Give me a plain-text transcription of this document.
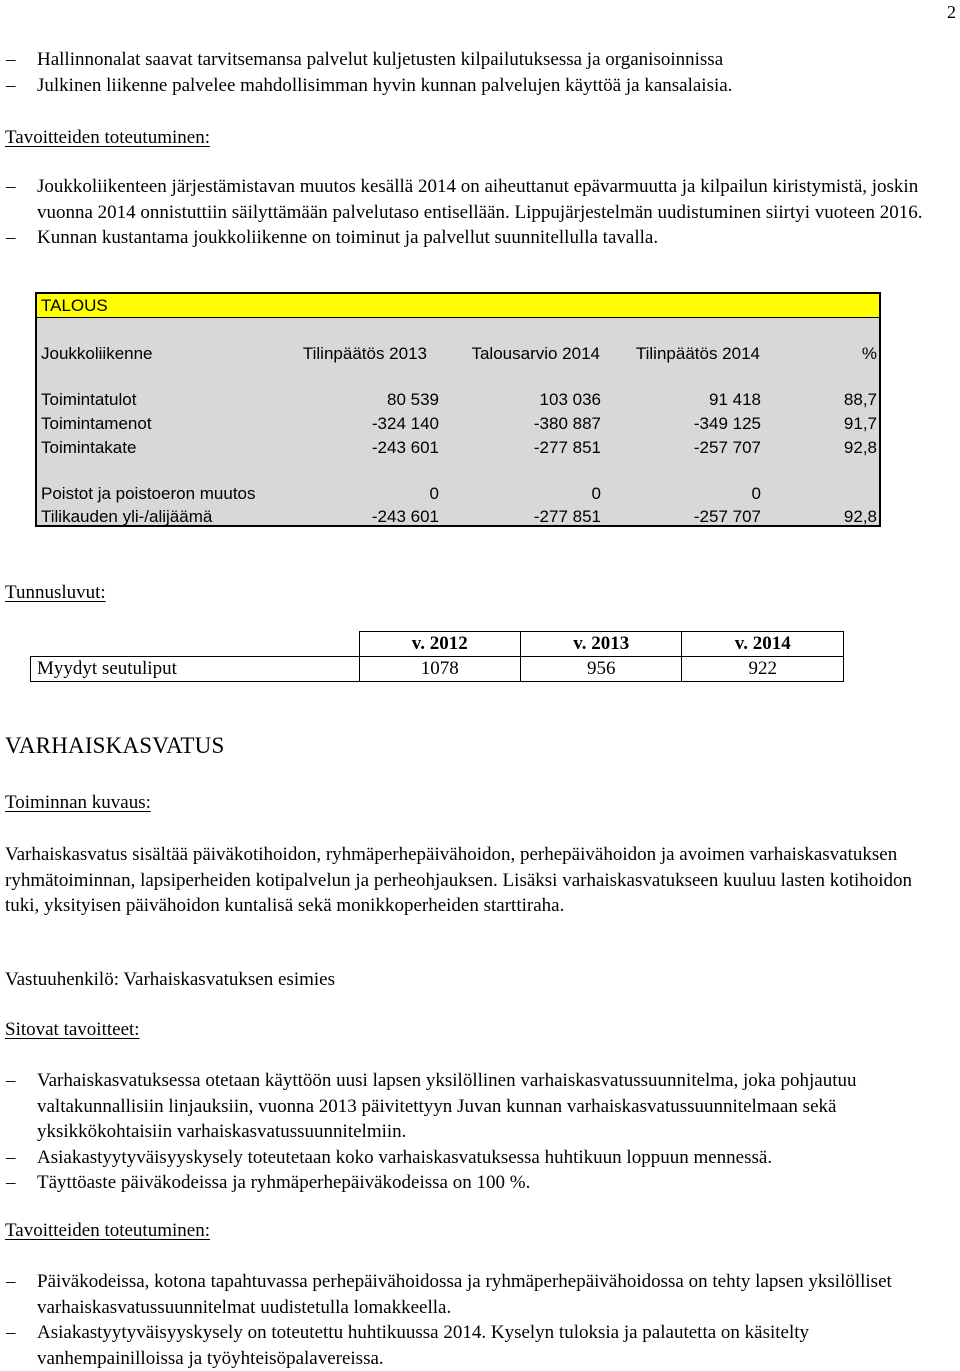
2
– Hallinnonalat saavat tarvitsemansa palvelut kuljetusten kilpailutuksessa ja organisoinnissa
– Julkinen liikenne palvelee mahdollisimman hyvin kunnan palvelujen käyttöä ja kansalaisia.
Tavoitteiden toteutuminen:
– Joukkoliikenteen järjestämistavan muutos kesällä 2014 on aiheuttanut epävarmuutta ja kilpailun kiristymistä, joskin vuonna 2014 onnistuttiin säilyttämään palvelutaso entisellään. Lippujärjestelmän uudistuminen siirtyi vuoteen 2016.
– Kunnan kustantama joukkoliikenne on toiminut ja palvellut suunnitellulla tavalla.
TALOUS
Joukkoliikenne	Tilinpäätös 2013	Talousarvio 2014 Tilinpäätös 2014	%
Toimintatulot	80 539	103 036	91 418	88,7
Toimintamenot	-324 140	-380 887	-349 125	91,7
Toimintakate	-243 601	-277 851	-257 707	92,8
Poistot ja poistoeron muutos	0	0	0
Tilikauden yli-/alijäämä	-243 601	-277 851	-257 707	92,8
Tunnusluvut:
	v. 2012	v. 2013	v. 2014
Myydyt seutuliput	1078	956	922
VARHAISKASVATUS
Toiminnan kuvaus:
Varhaiskasvatus sisältää päiväkotihoidon, ryhmäperhepäivähoidon, perhepäivähoidon ja avoimen varhaiskasvatuksen ryhmätoiminnan, lapsiperheiden kotipalvelun ja perheohjauksen. Lisäksi varhaiskasvatukseen kuuluu lasten kotihoidon tuki, yksityisen päivähoidon kuntalisä sekä monikkoperheiden starttiraha.
Vastuuhenkilö: Varhaiskasvatuksen esimies
Sitovat tavoitteet:
– Varhaiskasvatuksessa otetaan käyttöön uusi lapsen yksilöllinen varhaiskasvatussuunnitelma, joka pohjautuu valtakunnallisiin linjauksiin, vuonna 2013 päivitettyyn Juvan kunnan varhaiskasvatussuunnitelmaan sekä yksikkökohtaisiin varhaiskasvatussuunnitelmiin.
– Asiakastyytyväisyyskysely toteutetaan koko varhaiskasvatuksessa huhtikuun loppuun mennessä.
– Täyttöaste päiväkodeissa ja ryhmäperhepäiväkodeissa on 100 %.
Tavoitteiden toteutuminen:
– Päiväkodeissa, kotona tapahtuvassa perhepäivähoidossa ja ryhmäperhepäivähoidossa on tehty lapsen yksilölliset varhaiskasvatussuunnitelmat uudistetulla lomakkeella.
– Asiakastyytyväisyyskysely on toteutettu huhtikuussa 2014. Kyselyn tuloksia ja palautetta on käsitelty vanhempainilloissa ja työyhteisöpalavereissa.
